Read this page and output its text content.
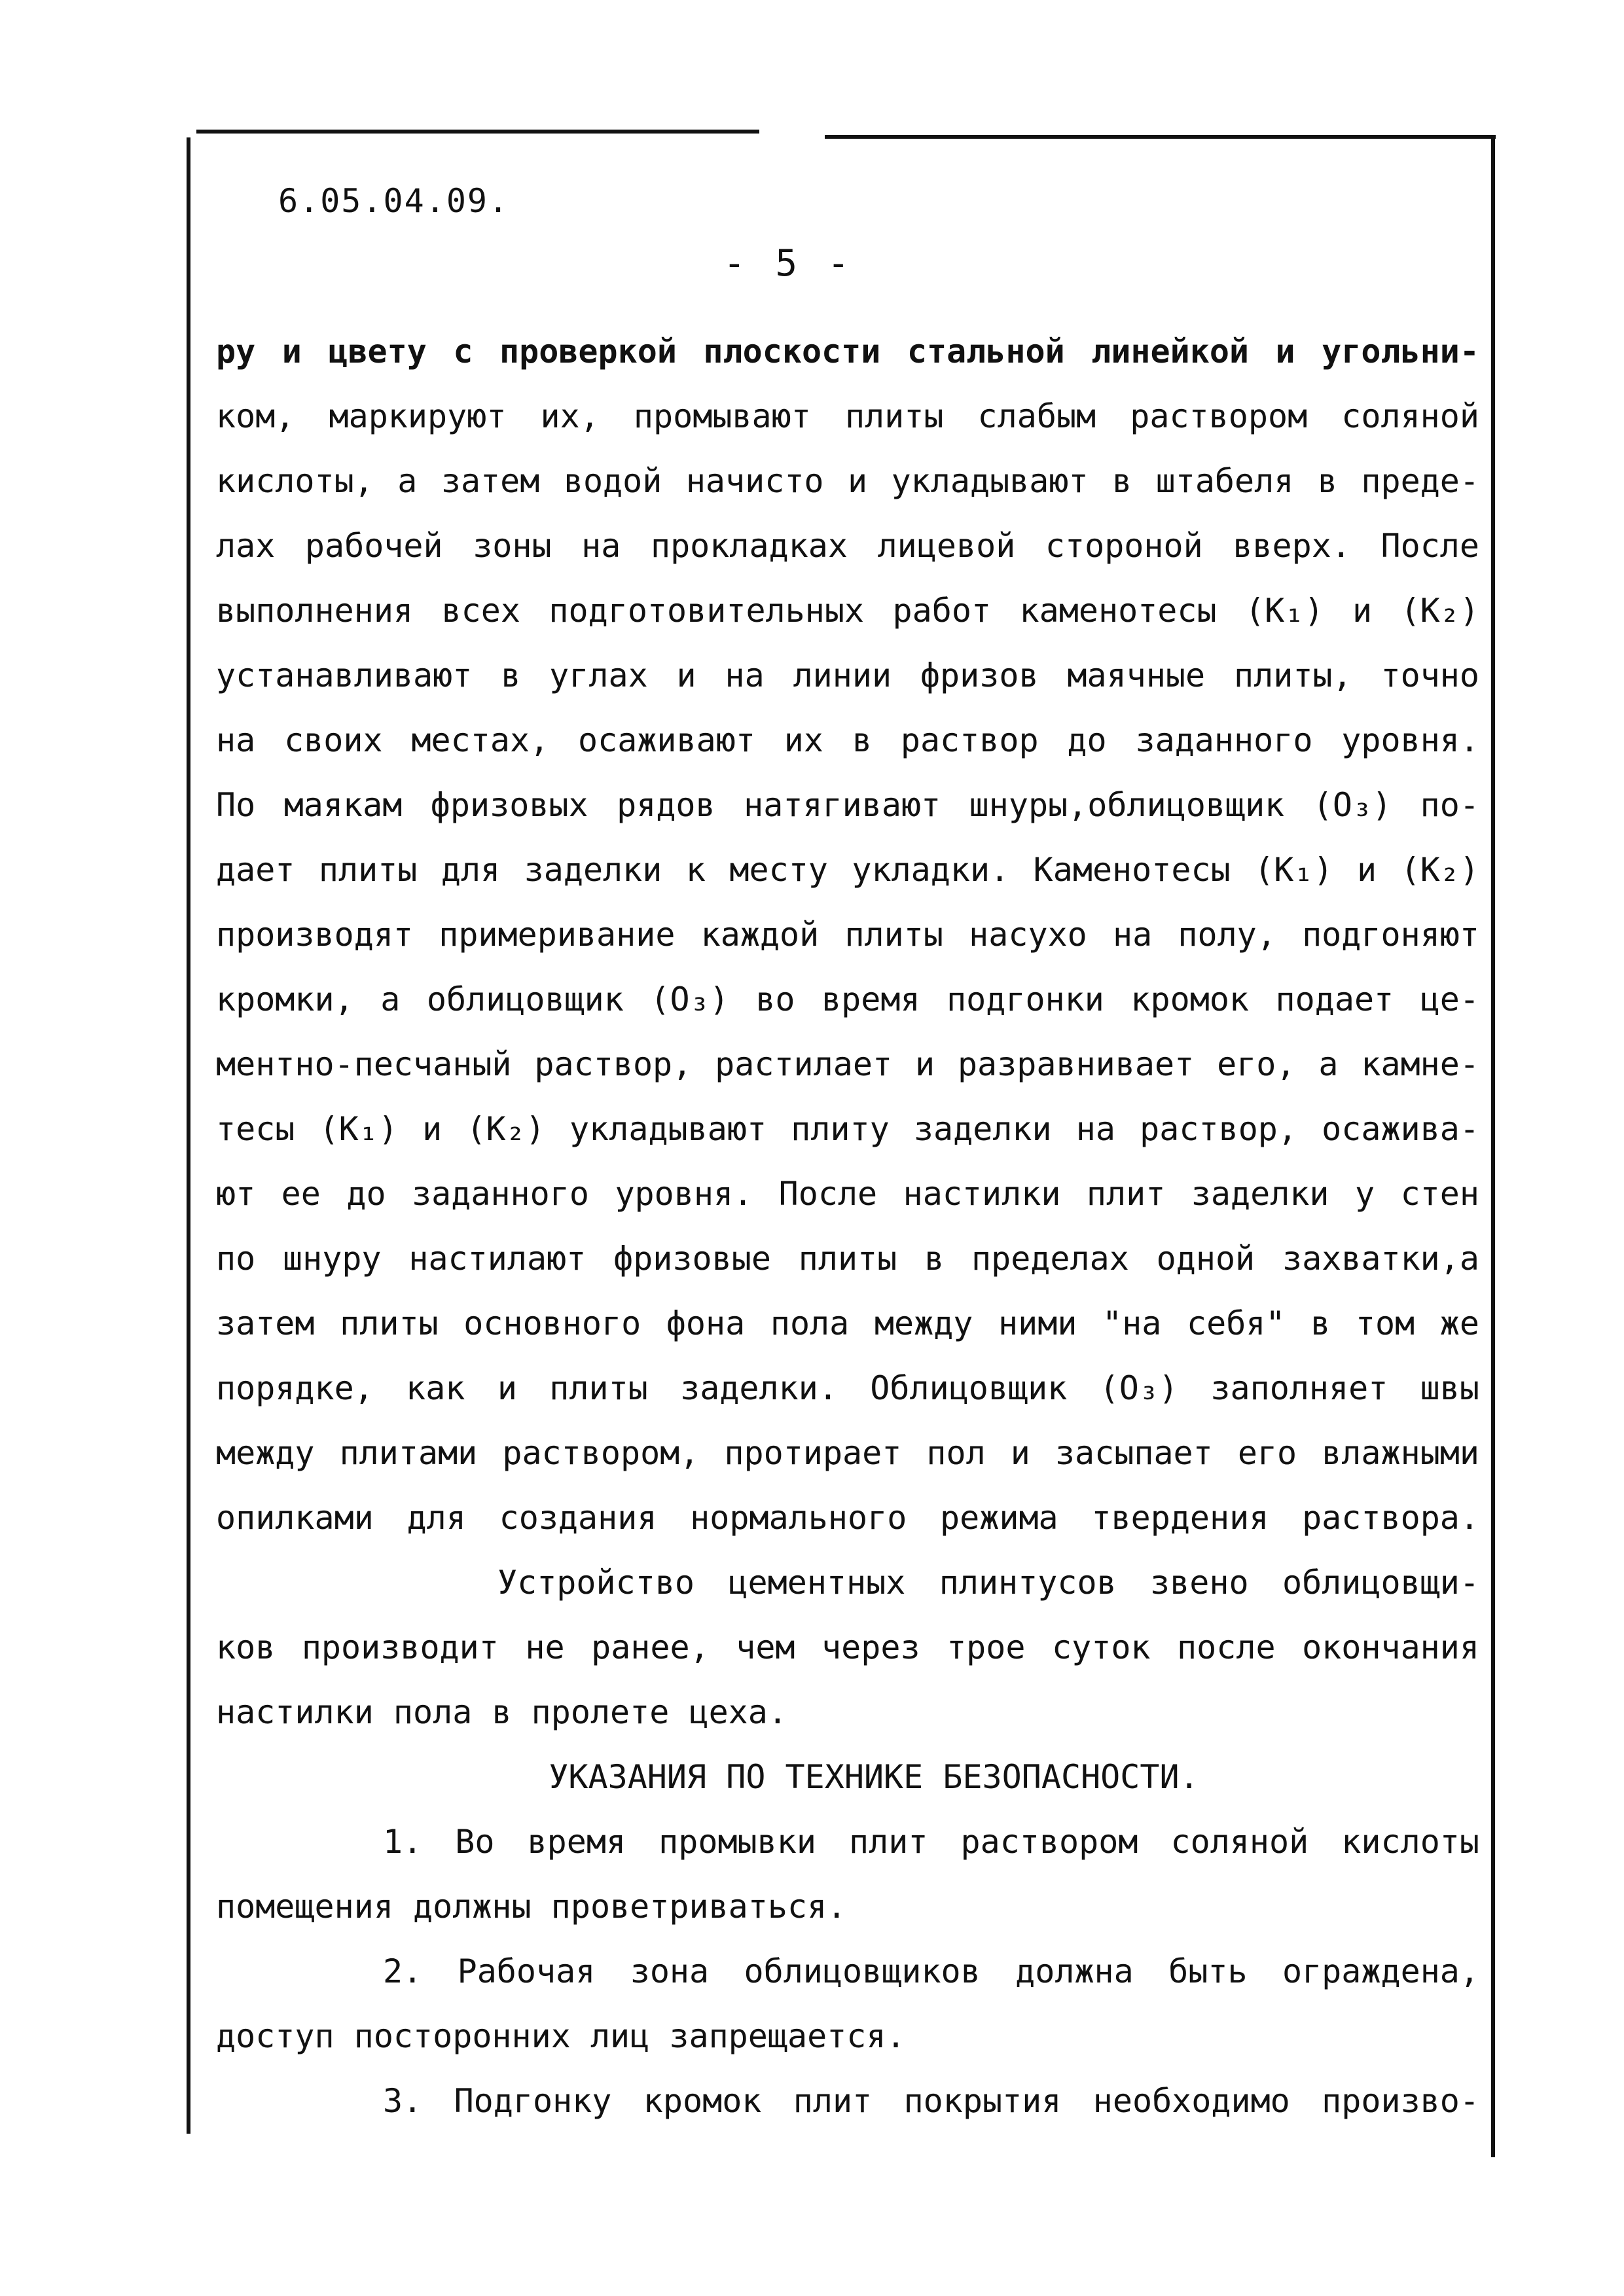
6.05.04.09.
- 5 -
ру и цвету с проверкой плоскости стальной линейкой и угольни-
ком, маркируют их, промывают плиты слабым раствором соляной
кислоты, а затем водой начисто и укладывают в штабеля в преде-
лах рабочей зоны на прокладках лицевой стороной вверх. После
выполнения всех подготовительных работ каменотесы (К₁) и (К₂)
устанавливают в углах и на линии фризов маячные плиты, точно
на своих местах, осаживают их в раствор до заданного уровня.
По маякам фризовых рядов натягивают шнуры,облицовщик (О₃) по-
дает плиты для заделки к месту укладки. Каменотесы (К₁) и (К₂)
производят примеривание каждой плиты насухо на полу, подгоняют
кромки, а облицовщик (О₃) во время подгонки кромок подает це-
ментно-песчаный раствор, растилает и разравнивает его, а камне-
тесы (К₁) и (К₂) укладывают плиту заделки на раствор, осажива-
ют ее до заданного уровня. После настилки плит заделки у стен
по шнуру настилают фризовые плиты в пределах одной захватки,а
затем плиты основного фона пола между ними "на себя" в том же
порядке, как и плиты заделки. Облицовщик (О₃) заполняет швы
между плитами раствором, протирает пол и засыпает его влажными
опилками для создания нормального режима твердения раствора.
Устройство цементных плинтусов звено облицовщи-
ков производит не ранее, чем через трое суток после окончания
настилки пола в пролете цеха.
УКАЗАНИЯ ПО ТЕХНИКЕ БЕЗОПАСНОСТИ.
1. Во время промывки плит раствором соляной кислоты
помещения должны проветриваться.
2. Рабочая зона облицовщиков должна быть ограждена,
доступ посторонних лиц запрещается.
3. Подгонку кромок плит покрытия необходимо произво-
